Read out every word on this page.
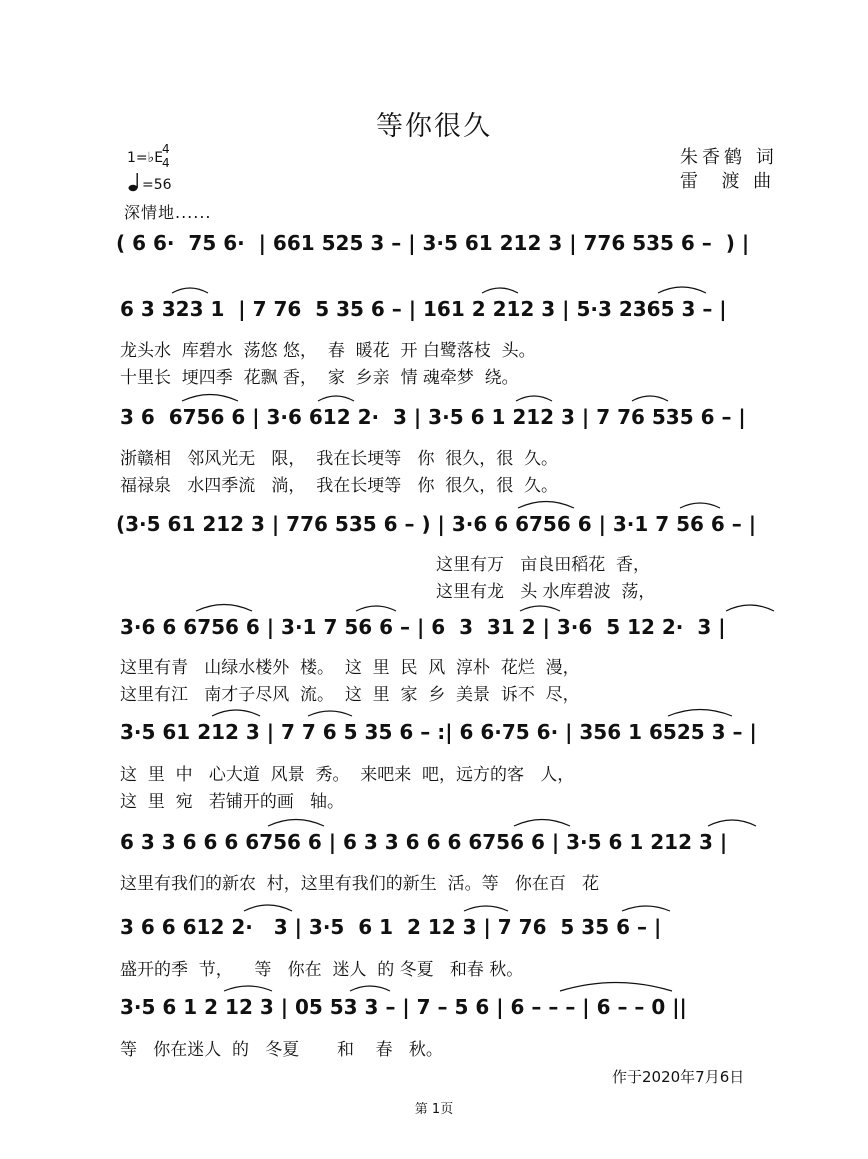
等你很久
朱香鹤 词
雷  渡 曲
1=♭E
4
4
=56
深情地......
( 6 6·  75 6·  | 661 525 3 – | 3·5 61 212 3 | 776 535 6 –  ) |
6 3 323 1  | 7 76  5 35 6 – | 161 2 212 3 | 5·3 2365 3 – |
龙头水  库碧水  荡悠 悠，  春  暖花  开 白鹭落枝  头。
十里长  埂四季  花飘 香，  家  乡亲  情 魂牵梦  绕。
3 6  6756 6 | 3·6 612 2·  3 | 3·5 6 1 212 3 | 7 76 535 6 – |
浙赣相   邻风光无   限，  我在长埂等   你  很久，很  久。
福禄泉   水四季流   淌，  我在长埂等   你  很久，很  久。
(3·5 61 212 3 | 776 535 6 – ) | 3·6 6 6756 6 | 3·1 7 56 6 – |
这里有万   亩良田稻花  香，
这里有龙   头 水库碧波  荡，
3·6 6 6756 6 | 3·1 7 56 6 – | 6  3  31 2 | 3·6  5 12 2·  3 |
这里有青   山绿水楼外  楼。  这  里  民  风  淳朴  花烂  漫，
这里有江   南才子尽风  流。  这  里  家  乡  美景  诉不  尽，
3·5 61 212 3 | 7 7 6 5 35 6 – :| 6 6·75 6· | 356 1 6525 3 – |
这  里  中   心大道  风景  秀。  来吧来  吧，远方的客   人，
这  里  宛   若铺开的画   轴。
6 3 3 6 6 6 6756 6 | 6 3 3 6 6 6 6756 6 | 3·5 6 1 212 3 |
这里有我们的新农  村，这里有我们的新生  活。等   你在百   花
3 6 6 612 2·   3 | 3·5  6 1  2 12 3 | 7 76  5 35 6 – |
盛开的季  节，    等   你在  迷人  的 冬夏   和春 秋。
3·5 6 1 2 12 3 | 05 53 3 – | 7 – 5 6 | 6 – – – | 6 – – 0 ||
等   你在迷人  的   冬夏       和    春   秋。
作于2020年7月6日
第 1页
